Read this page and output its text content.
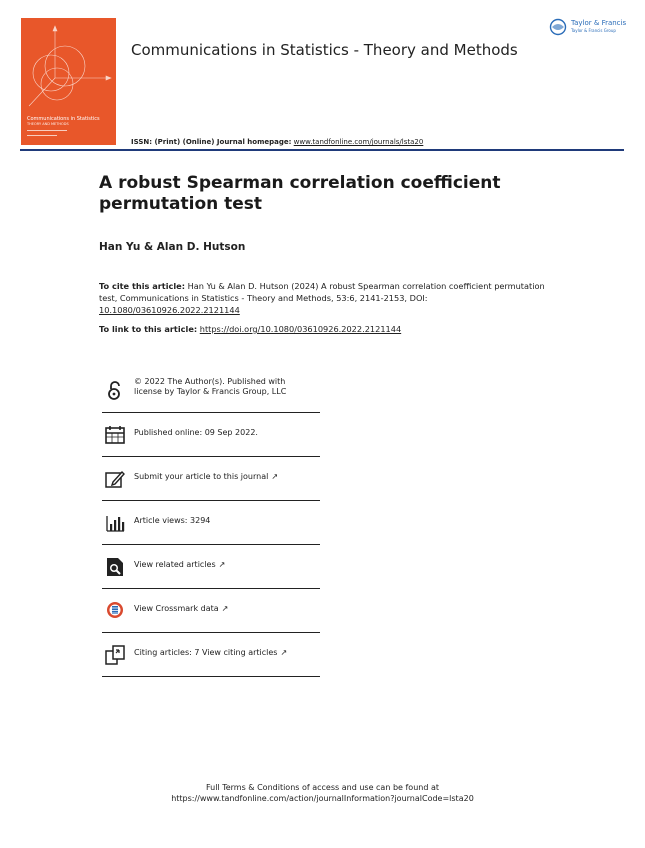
Communications in Statistics
THEORY AND METHODS
Communications in Statistics - Theory and Methods
ISSN: (Print) (Online) Journal homepage: www.tandfonline.com/journals/lsta20
Taylor & Francis
Taylor & Francis Group
A robust Spearman correlation coefficient permutation test
Han Yu & Alan D. Hutson
To cite this article: Han Yu & Alan D. Hutson (2024) A robust Spearman correlation coefficient permutation test, Communications in Statistics - Theory and Methods, 53:6, 2141-2153, DOI: 10.1080/03610926.2022.2121144
To link to this article: https://doi.org/10.1080/03610926.2022.2121144
© 2022 The Author(s). Published with
license by Taylor & Francis Group, LLC
Published online: 09 Sep 2022.
Submit your article to this journal ↗
Article views: 3294
View related articles ↗
View Crossmark data ↗
Citing articles: 7 View citing articles ↗
Full Terms & Conditions of access and use can be found at
https://www.tandfonline.com/action/journalInformation?journalCode=lsta20
